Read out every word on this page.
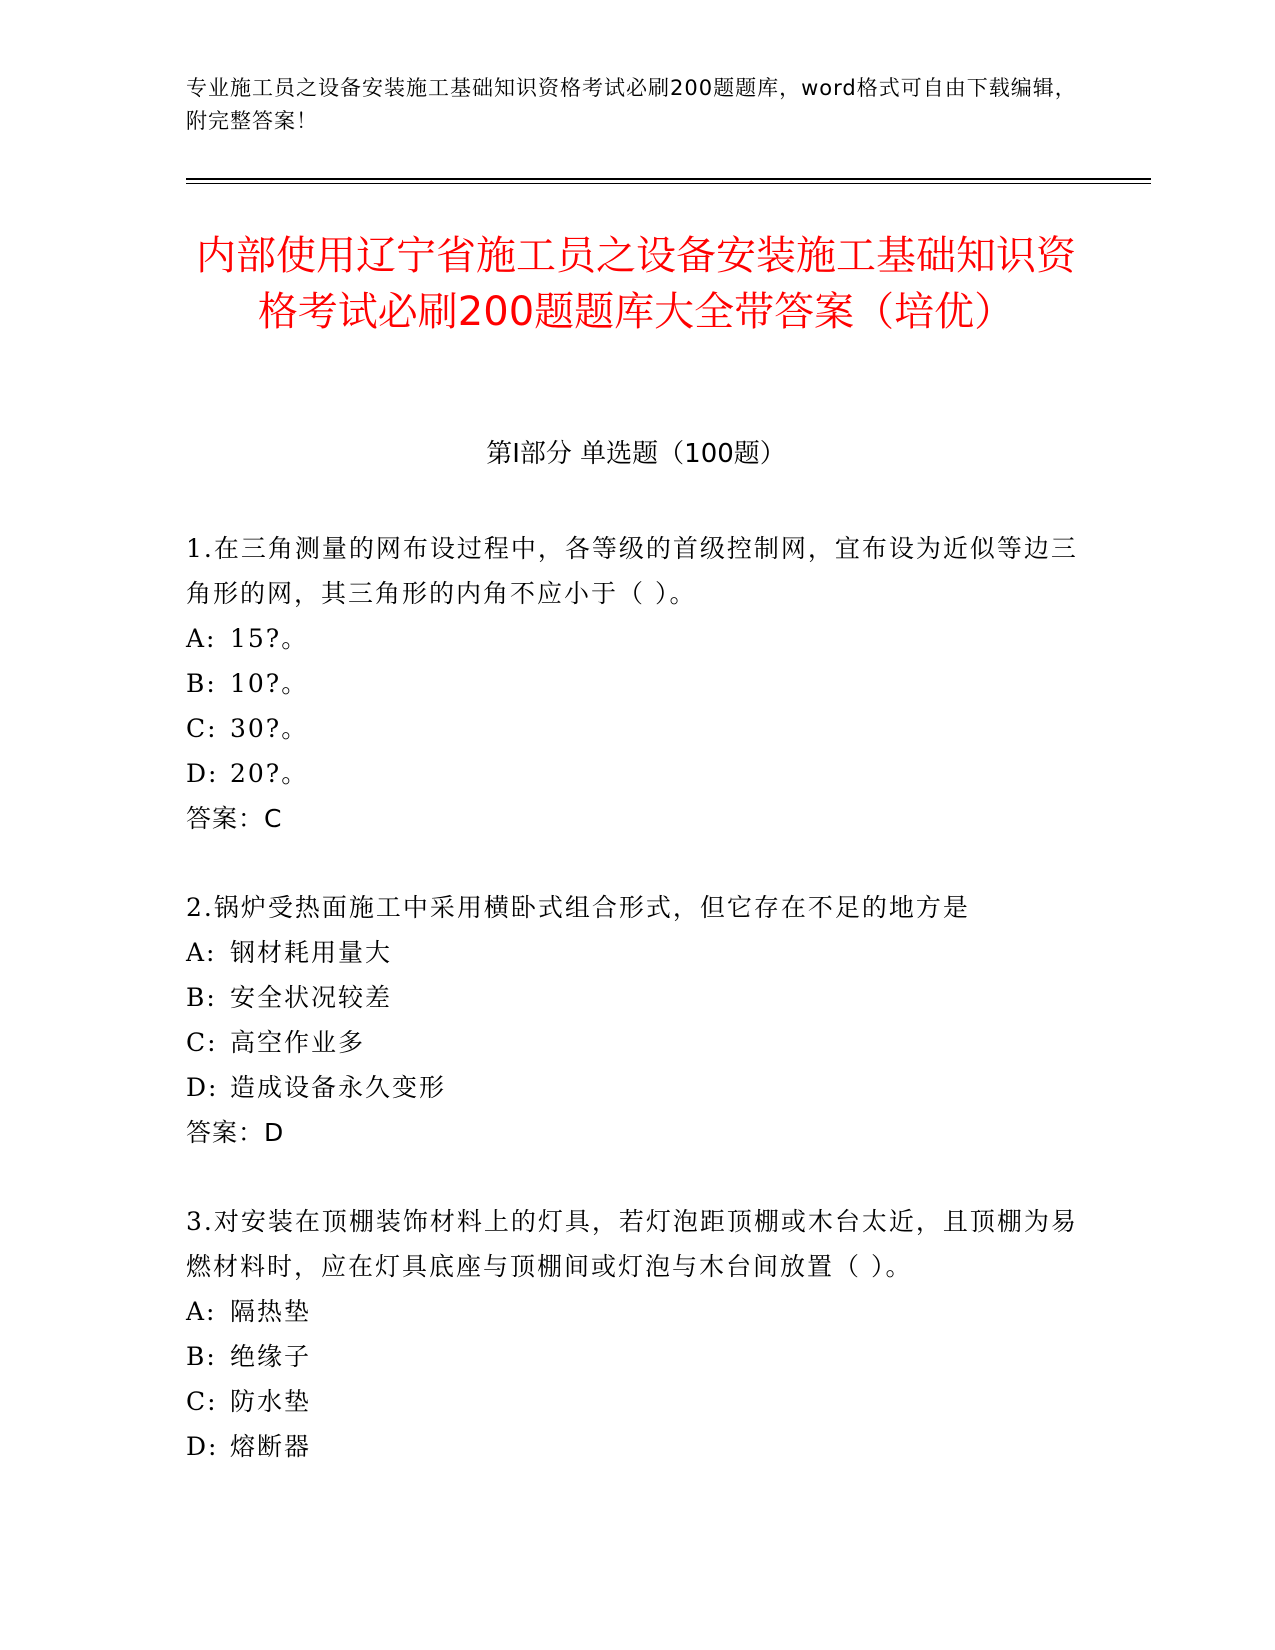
专业施工员之设备安装施工基础知识资格考试必刷200题题库，word格式可自由下载编辑，附完整答案！
内部使用辽宁省施工员之设备安装施工基础知识资格考试必刷200题题库大全带答案（培优）
第Ⅰ部分 单选题（100题）
1.在三角测量的网布设过程中，各等级的首级控制网，宜布设为近似等边三角形的网，其三角形的内角不应小于（ ）。
A: 15?。
B: 10?。
C: 30?。
D: 20?。
答案：C
2.锅炉受热面施工中采用横卧式组合形式，但它存在不足的地方是
A: 钢材耗用量大
B: 安全状况较差
C: 高空作业多
D: 造成设备永久变形
答案：D
3.对安装在顶棚装饰材料上的灯具，若灯泡距顶棚或木台太近，且顶棚为易燃材料时，应在灯具底座与顶棚间或灯泡与木台间放置（ ）。
A: 隔热垫
B: 绝缘子
C: 防水垫
D: 熔断器
